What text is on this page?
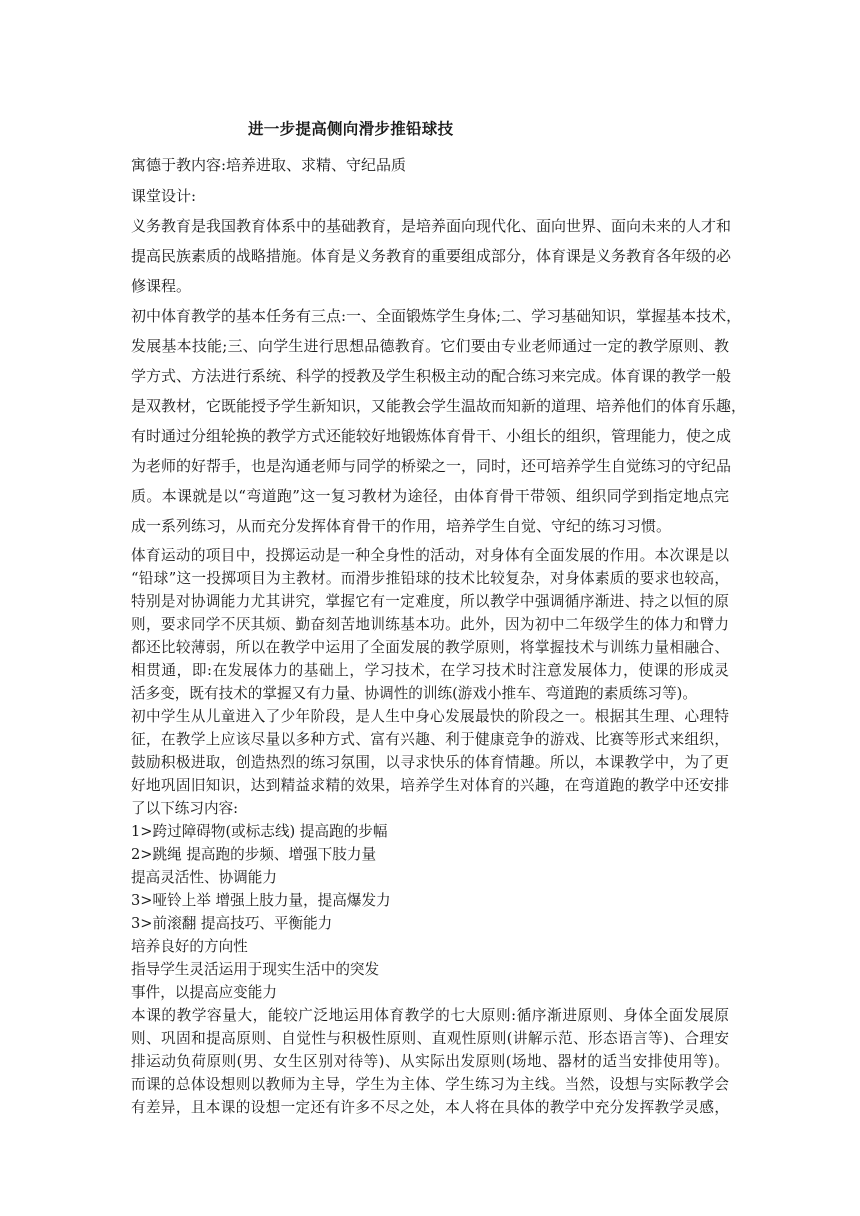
进一步提高侧向滑步推铅球技
寓德于教内容:培养进取、求精、守纪品质
课堂设计:
义务教育是我国教育体系中的基础教育，是培养面向现代化、面向世界、面向未来的人才和
提高民族素质的战略措施。体育是义务教育的重要组成部分，体育课是义务教育各年级的必
修课程。
初中体育教学的基本任务有三点:一、全面锻炼学生身体;二、学习基础知识，掌握基本技术，
发展基本技能;三、向学生进行思想品德教育。它们要由专业老师通过一定的教学原则、教
学方式、方法进行系统、科学的授教及学生积极主动的配合练习来完成。体育课的教学一般
是双教材，它既能授予学生新知识，又能教会学生温故而知新的道理、培养他们的体育乐趣，
有时通过分组轮换的教学方式还能较好地锻炼体育骨干、小组长的组织，管理能力，使之成
为老师的好帮手，也是沟通老师与同学的桥梁之一，同时，还可培养学生自觉练习的守纪品
质。本课就是以“弯道跑”这一复习教材为途径，由体育骨干带领、组织同学到指定地点完
成一系列练习，从而充分发挥体育骨干的作用，培养学生自觉、守纪的练习习惯。
体育运动的项目中，投掷运动是一种全身性的活动，对身体有全面发展的作用。本次课是以
“铅球”这一投掷项目为主教材。而滑步推铅球的技术比较复杂，对身体素质的要求也较高，
特别是对协调能力尤其讲究，掌握它有一定难度，所以教学中强调循序渐进、持之以恒的原
则，要求同学不厌其烦、勤奋刻苦地训练基本功。此外，因为初中二年级学生的体力和臂力
都还比较薄弱，所以在教学中运用了全面发展的教学原则，将掌握技术与训练力量相融合、
相贯通，即:在发展体力的基础上，学习技术，在学习技术时注意发展体力，使课的形成灵
活多变，既有技术的掌握又有力量、协调性的训练(游戏小推车、弯道跑的素质练习等)。
初中学生从儿童进入了少年阶段，是人生中身心发展最快的阶段之一。根据其生理、心理特
征，在教学上应该尽量以多种方式、富有兴趣、利于健康竞争的游戏、比赛等形式来组织，
鼓励积极进取，创造热烈的练习氛围，以寻求快乐的体育情趣。所以，本课教学中，为了更
好地巩固旧知识，达到精益求精的效果，培养学生对体育的兴趣，在弯道跑的教学中还安排
了以下练习内容:
1>跨过障碍物(或标志线) 提高跑的步幅
2>跳绳 提高跑的步频、增强下肢力量
提高灵活性、协调能力
3>哑铃上举 增强上肢力量，提高爆发力
3>前滚翻 提高技巧、平衡能力
培养良好的方向性
指导学生灵活运用于现实生活中的突发
事件，以提高应变能力
本课的教学容量大，能较广泛地运用体育教学的七大原则:循序渐进原则、身体全面发展原
则、巩固和提高原则、自觉性与积极性原则、直观性原则(讲解示范、形态语言等)、合理安
排运动负荷原则(男、女生区别对待等)、从实际出发原则(场地、器材的适当安排使用等)。
而课的总体设想则以教师为主导，学生为主体、学生练习为主线。当然，设想与实际教学会
有差异，且本课的设想一定还有许多不尽之处，本人将在具体的教学中充分发挥教学灵感，
